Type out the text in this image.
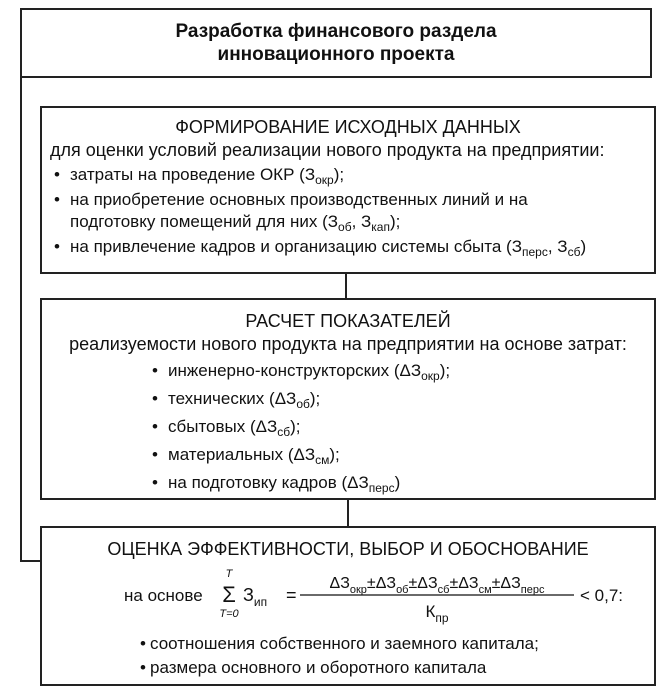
Разработка финансового раздела
инновационного проекта
ФОРМИРОВАНИЕ ИСХОДНЫХ ДАННЫХ
для оценки условий реализации нового продукта на предприятии:
• затраты на проведение ОКР $(З_{окр})$;
• на приобретение основных производственных линий и на
подготовку помещений для них ($З_{об}$, $З_{кап}$);
• на привлечение кадров и организацию системы сбыта ($З_{перс}$, $З_{сб}$)
РАСЧЕТ ПОКАЗАТЕЛЕЙ
реализуемости нового продукта на предприятии на основе затрат:
• инженерно-конструкторских $(\Delta З_{окр})$;
• технических $(\Delta З_{об})$;
• сбытовых $(\Delta З_{сб})$;
• материальных $(\Delta З_{см})$;
• на подготовку кадров $(\Delta З_{перс})$
ОЦЕНКА ЭФФЕКТИВНОСТИ, ВЫБОР И ОБОСНОВАНИЕ
на основе
T
Σ
T=0
$З_{ип}$ =
$\Delta З_{окр}\pm\Delta З_{об}\pm\Delta З_{сб}\pm\Delta З_{см}\pm\Delta З_{перс}$
$К_{пр}$
< 0,7:
• соотношения собственного и заемного капитала;
• размера основного и оборотного капитала
